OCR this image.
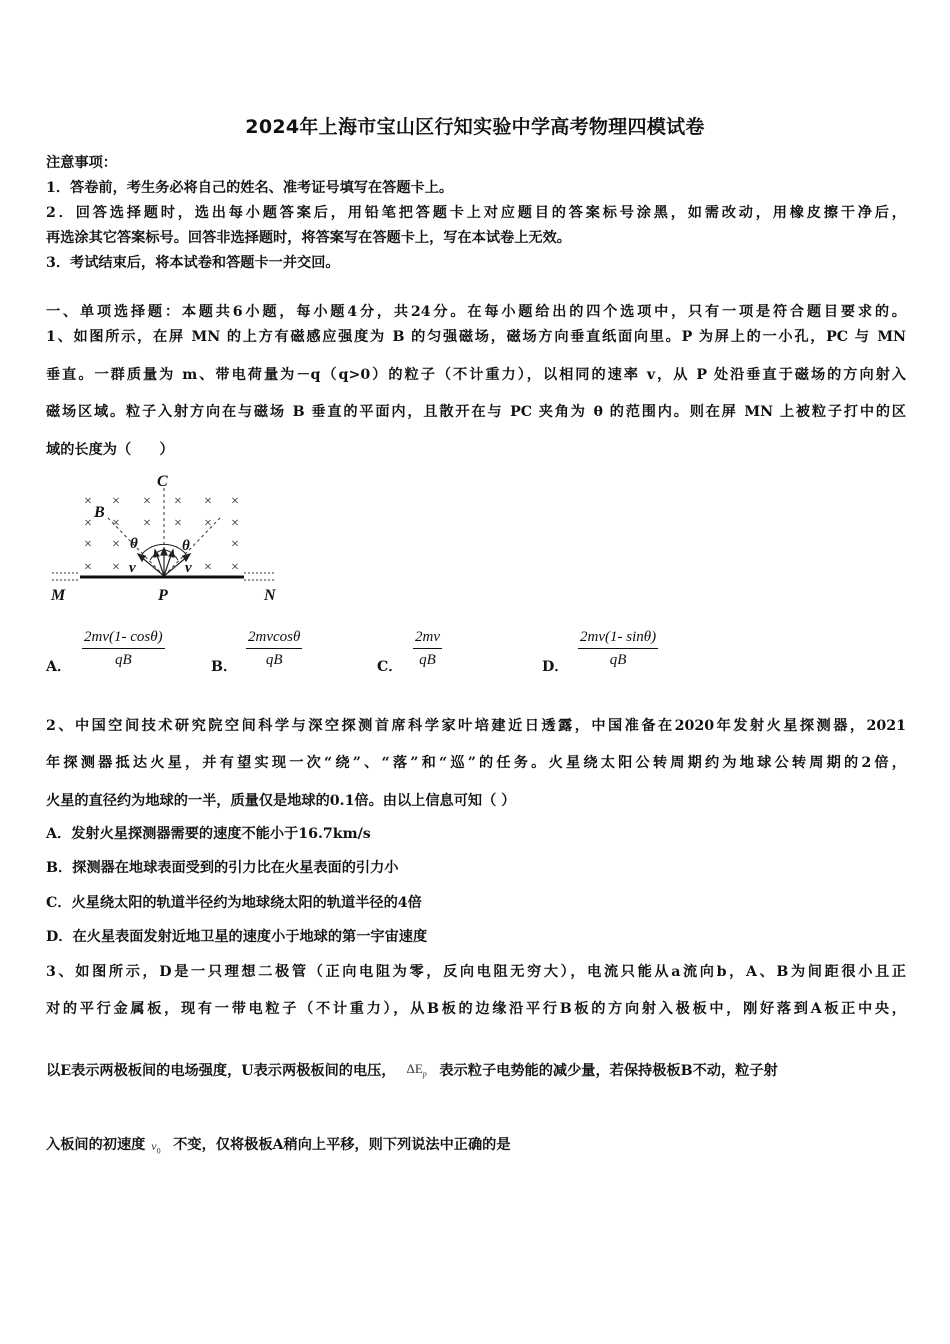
2024年上海市宝山区行知实验中学高考物理四模试卷
注意事项：
1．答卷前，考生务必将自己的姓名、准考证号填写在答题卡上。
2．回答选择题时，选出每小题答案后，用铅笔把答题卡上对应题目的答案标号涂黑，如需改动，用橡皮擦干净后，
再选涂其它答案标号。回答非选择题时，将答案写在答题卡上，写在本试卷上无效。
3．考试结束后，将本试卷和答题卡一并交回。
一、单项选择题：本题共6小题，每小题4分，共24分。在每小题给出的四个选项中，只有一项是符合题目要求的。
1、如图所示，在屏 MN 的上方有磁感应强度为 B 的匀强磁场，磁场方向垂直纸面向里。P 为屏上的一小孔，PC 与 MN
垂直。一群质量为 m、带电荷量为－q（q>0）的粒子（不计重力），以相同的速率 v，从 P 处沿垂直于磁场的方向射入
磁场区域。粒子入射方向在与磁场 B 垂直的平面内，且散开在与 PC 夹角为 θ 的范围内。则在屏 MN 上被粒子打中的区
域的长度为（　　）
× × × × × ×
× × × × × ×
× ×	×
× ×	× ×
C
B
M	P	N
θ	θ
v	v
A． $\frac{2mv(1- \cos\theta)}{qB}$	B． $\frac{2mvcos\theta}{qB}$	C． $\frac{2mv}{qB}$	D． $\frac{2mv(1- \sin\theta)}{qB}$
2、中国空间技术研究院空间科学与深空探测首席科学家叶培建近日透露，中国准备在2020年发射火星探测器，2021
年探测器抵达火星，并有望实现一次“绕”、“落”和“巡”的任务。火星绕太阳公转周期约为地球公转周期的2倍，
火星的直径约为地球的一半，质量仅是地球的0.1倍。由以上信息可知（ ）
A．发射火星探测器需要的速度不能小于16.7km/s
B．探测器在地球表面受到的引力比在火星表面的引力小
C．火星绕太阳的轨道半径约为地球绕太阳的轨道半径的4倍
D．在火星表面发射近地卫星的速度小于地球的第一宇宙速度
3、如图所示，D是一只理想二极管（正向电阻为零，反向电阻无穷大），电流只能从a流向b，A、B为间距很小且正
对的平行金属板，现有一带电粒子（不计重力），从B板的边缘沿平行B板的方向射入极板中，刚好落到A板正中央，
以E表示两极板间的电场强度，U表示两极板间的电压， $\Delta E_p$ 表示粒子电势能的减少量，若保持极板B不动，粒子射
入板间的初速度 $v_0$ 不变，仅将极板A稍向上平移，则下列说法中正确的是
